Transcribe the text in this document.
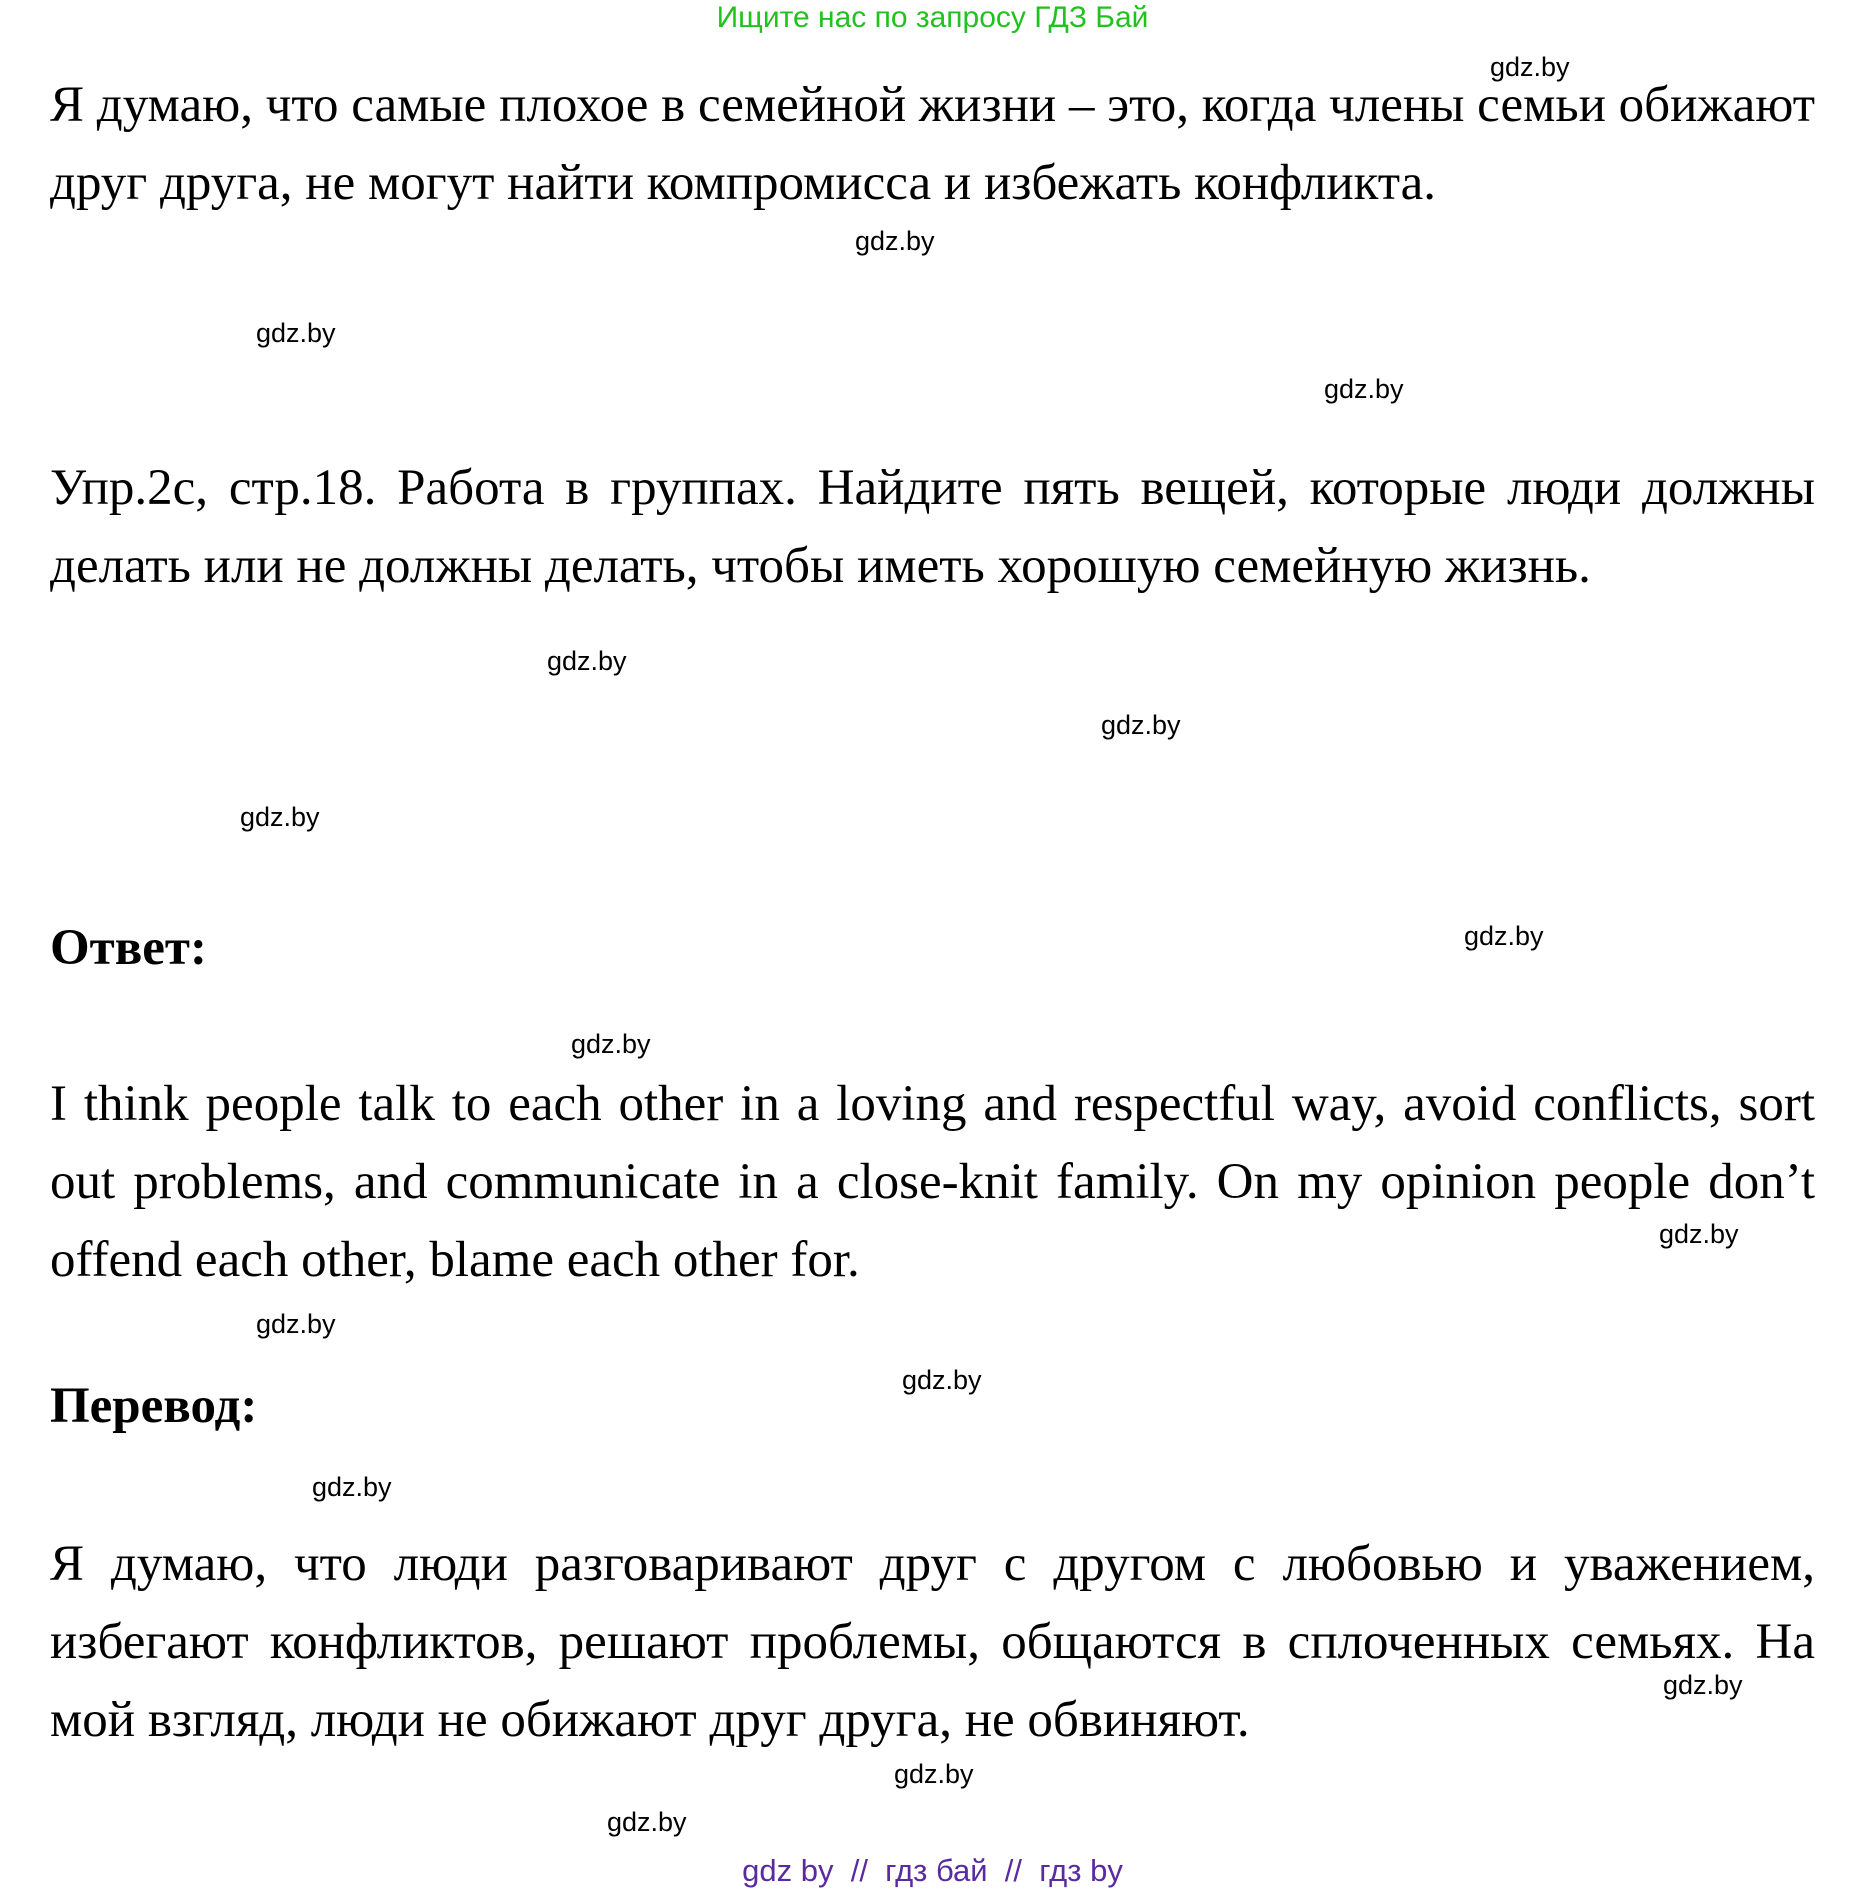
Ищите нас по запросу ГДЗ Бай

Я думаю, что самые плохое в семейной жизни – это, когда члены семьи обижают друг друга, не могут найти компромисса и избежать конфликта.

Упр.2c, стр.18. Работа в группах. Найдите пять вещей, которые люди должны делать или не должны делать, чтобы иметь хорошую семейную жизнь.

Ответ:

I think people talk to each other in a loving and respectful way, avoid conflicts, sort out problems, and communicate in a close-knit family. On my opinion people don’t offend each other, blame each other for.

Перевод:

Я думаю, что люди разговаривают друг с другом с любовью и уважением, избегают конфликтов, решают проблемы, общаются в сплоченных семьях. На мой взгляд, люди не обижают друг друга, не обвиняют.

gdz.by
gdz.by
gdz.by
gdz.by
gdz.by
gdz.by
gdz.by
gdz.by
gdz.by
gdz.by
gdz.by
gdz.by
gdz.by
gdz.by
gdz.by
gdz.by
gdz by  //  гдз бай  //  гдз by
